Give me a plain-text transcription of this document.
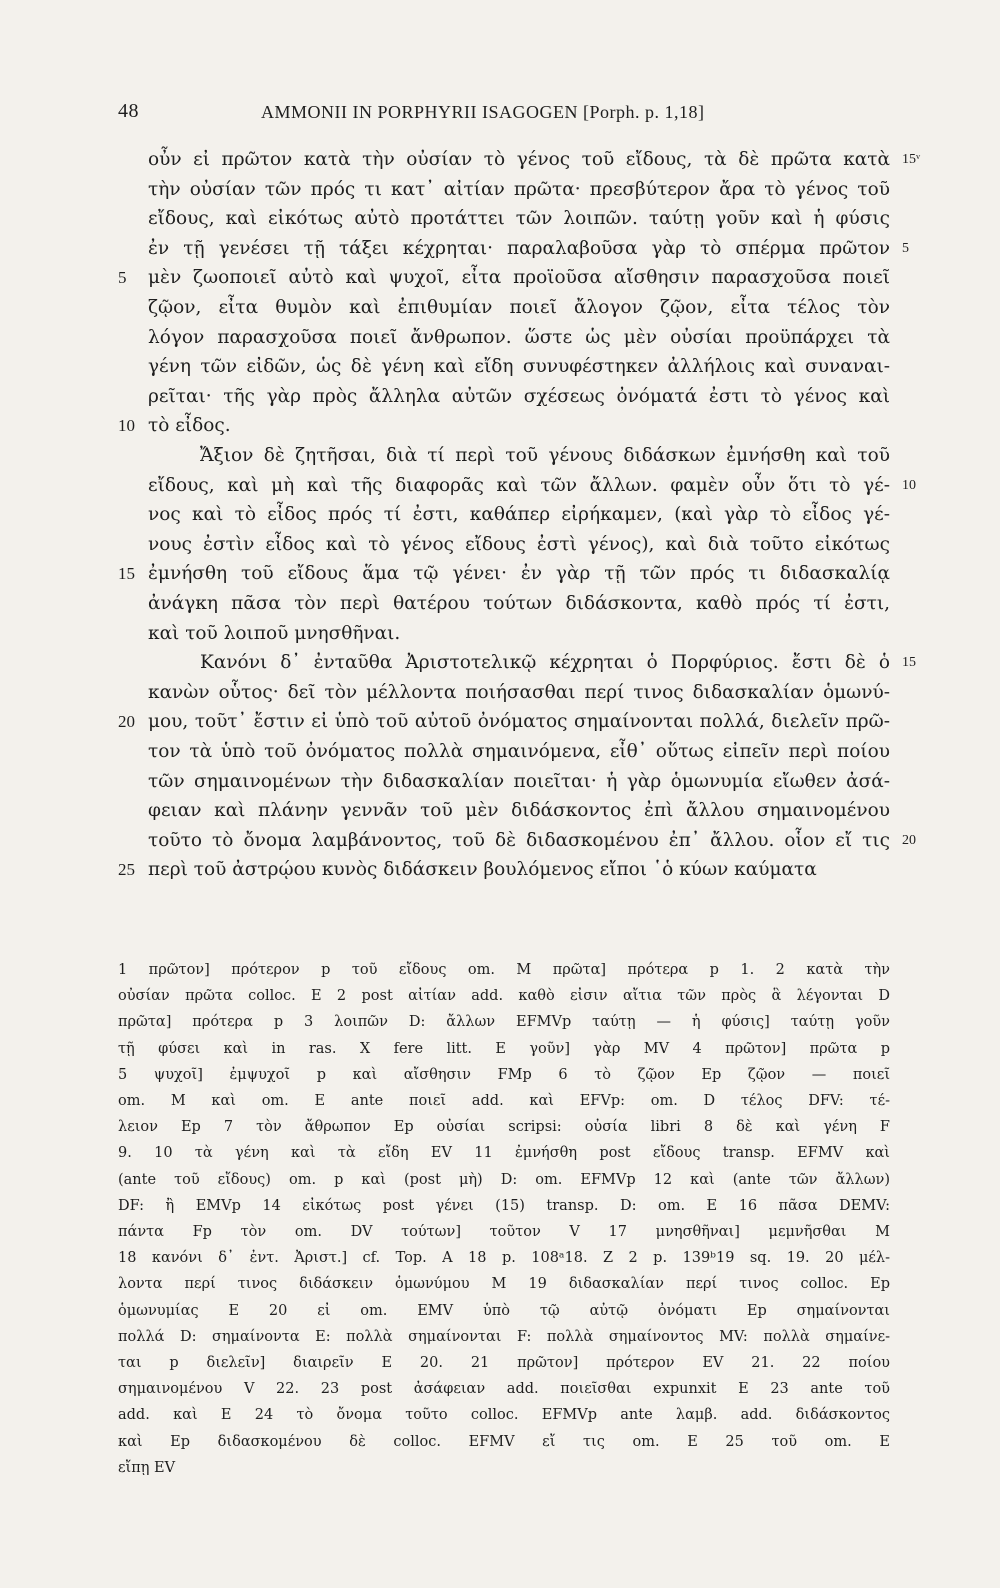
48	AMMONII IN PORPHYRII ISAGOGEN [Porph. p. 1,18]
οὖν εἰ πρῶτον κατὰ τὴν οὐσίαν τὸ γένος τοῦ εἴδους, τὰ δὲ πρῶτα κατὰ 15ᵛ
τὴν οὐσίαν τῶν πρός τι κατ᾽ αἰτίαν πρῶτα· πρεσβύτερον ἄρα τὸ γένος τοῦ
εἴδους, καὶ εἰκότως αὐτὸ προτάττει τῶν λοιπῶν. ταύτῃ γοῦν καὶ ἡ φύσις
ἐν τῇ γενέσει τῇ τάξει κέχρηται· παραλαβοῦσα γὰρ τὸ σπέρμα πρῶτον 5
μὲν ζωοποιεῖ αὐτὸ καὶ ψυχοῖ, εἶτα προϊοῦσα αἴσθησιν παρασχοῦσα ποιεῖ
5
ζῷον, εἶτα θυμὸν καὶ ἐπιθυμίαν ποιεῖ ἄλογον ζῷον, εἶτα τέλος τὸν
λόγον παρασχοῦσα ποιεῖ ἄνθρωπον. ὥστε ὡς μὲν οὐσίαι προϋπάρχει τὰ
γένη τῶν εἰδῶν, ὡς δὲ γένη καὶ εἴδη συνυφέστηκεν ἀλλήλοις καὶ συναναι-
ρεῖται· τῆς γὰρ πρὸς ἄλληλα αὐτῶν σχέσεως ὀνόματά ἐστι τὸ γένος καὶ
τὸ εἶδος.
10
Ἄξιον δὲ ζητῆσαι, διὰ τί περὶ τοῦ γένους διδάσκων ἐμνήσθη καὶ τοῦ
εἴδους, καὶ μὴ καὶ τῆς διαφορᾶς καὶ τῶν ἄλλων. φαμὲν οὖν ὅτι τὸ γέ- 10
νος καὶ τὸ εἶδος πρός τί ἐστι, καθάπερ εἰρήκαμεν, (καὶ γὰρ τὸ εἶδος γέ-
νους ἐστὶν εἶδος καὶ τὸ γένος εἴδους ἐστὶ γένος), καὶ διὰ τοῦτο εἰκότως
ἐμνήσθη τοῦ εἴδους ἅμα τῷ γένει· ἐν γὰρ τῇ τῶν πρός τι διδασκαλίᾳ
15
ἀνάγκη πᾶσα τὸν περὶ θατέρου τούτων διδάσκοντα, καθὸ πρός τί ἐστι,
καὶ τοῦ λοιποῦ μνησθῆναι.
Κανόνι δ᾽ ἐνταῦθα Ἀριστοτελικῷ κέχρηται ὁ Πορφύριος. ἔστι δὲ ὁ 15
κανὼν οὗτος· δεῖ τὸν μέλλοντα ποιήσασθαι περί τινος διδασκαλίαν ὁμωνύ-
μου, τοῦτ᾽ ἔστιν εἰ ὑπὸ τοῦ αὐτοῦ ὀνόματος σημαίνονται πολλά, διελεῖν πρῶ-
20
τον τὰ ὑπὸ τοῦ ὀνόματος πολλὰ σημαινόμενα, εἶθ᾽ οὕτως εἰπεῖν περὶ ποίου
τῶν σημαινομένων τὴν διδασκαλίαν ποιεῖται· ἡ γὰρ ὁμωνυμία εἴωθεν ἀσά-
φειαν καὶ πλάνην γεννᾶν τοῦ μὲν διδάσκοντος ἐπὶ ἄλλου σημαινομένου
τοῦτο τὸ ὄνομα λαμβάνοντος, τοῦ δὲ διδασκομένου ἐπ᾽ ἄλλου. οἷον εἴ τις 20
περὶ τοῦ ἀστρῴου κυνὸς διδάσκειν βουλόμενος εἴποι ῾ὁ κύων καύματα
25
1 πρῶτον] πρότερον p τοῦ εἴδους om. M πρῶτα] πρότερα p 1. 2 κατὰ τὴν
οὐσίαν πρῶτα colloc. E 2 post αἰτίαν add. καθὸ εἰσιν αἴτια τῶν πρὸς ἃ λέγονται D
πρῶτα] πρότερα p 3 λοιπῶν D: ἄλλων EFMVp ταύτῃ — ἡ φύσις] ταύτῃ γοῦν
τῇ φύσει καὶ in ras. X fere litt. E γοῦν] γὰρ MV 4 πρῶτον] πρῶτα p
5 ψυχοῖ] ἐμψυχοῖ p καὶ αἴσθησιν FMp 6 τὸ ζῷον Ep ζῷον — ποιεῖ
om. M καὶ om. E ante ποιεῖ add. καὶ EFVp: om. D τέλος DFV: τέ-
λειον Ep 7 τὸν ἄθρωπον Ep οὐσίαι scripsi: οὐσία libri 8 δὲ καὶ γένη F
9. 10 τὰ γένη καὶ τὰ εἴδη EV 11 ἐμνήσθη post εἴδους transp. EFMV καὶ
(ante τοῦ εἴδους) om. p καὶ (post μὴ) D: om. EFMVp 12 καὶ (ante τῶν ἄλλων)
DF: ἢ EMVp 14 εἰκότως post γένει (15) transp. D: om. E 16 πᾶσα DEMV:
πάντα Fp τὸν om. DV τούτων] τοῦτον V 17 μνησθῆναι] μεμνῆσθαι M
18 κανόνι δ᾽ ἐντ. Ἀριστ.] cf. Top. A 18 p. 108ᵃ18. Z 2 p. 139ᵇ19 sq. 19. 20 μέλ-
λοντα περί τινος διδάσκειν ὁμωνύμου M 19 διδασκαλίαν περί τινος colloc. Ep
ὁμωνυμίας E 20 εἰ om. EMV ὑπὸ τῷ αὐτῷ ὀνόματι Ep σημαίνονται
πολλά D: σημαίνοντα E: πολλὰ σημαίνονται F: πολλὰ σημαίνοντος MV: πολλὰ σημαίνε-
ται p διελεῖν] διαιρεῖν E 20. 21 πρῶτον] πρότερον EV 21. 22 ποίου
σημαινομένου V 22. 23 post ἀσάφειαν add. ποιεῖσθαι expunxit E 23 ante τοῦ
add. καὶ E 24 τὸ ὄνομα τοῦτο colloc. EFMVp ante λαμβ. add. διδάσκοντος
καὶ Ep διδασκομένου δὲ colloc. EFMV εἴ τις om. E 25 τοῦ om. E
εἴπῃ EV
